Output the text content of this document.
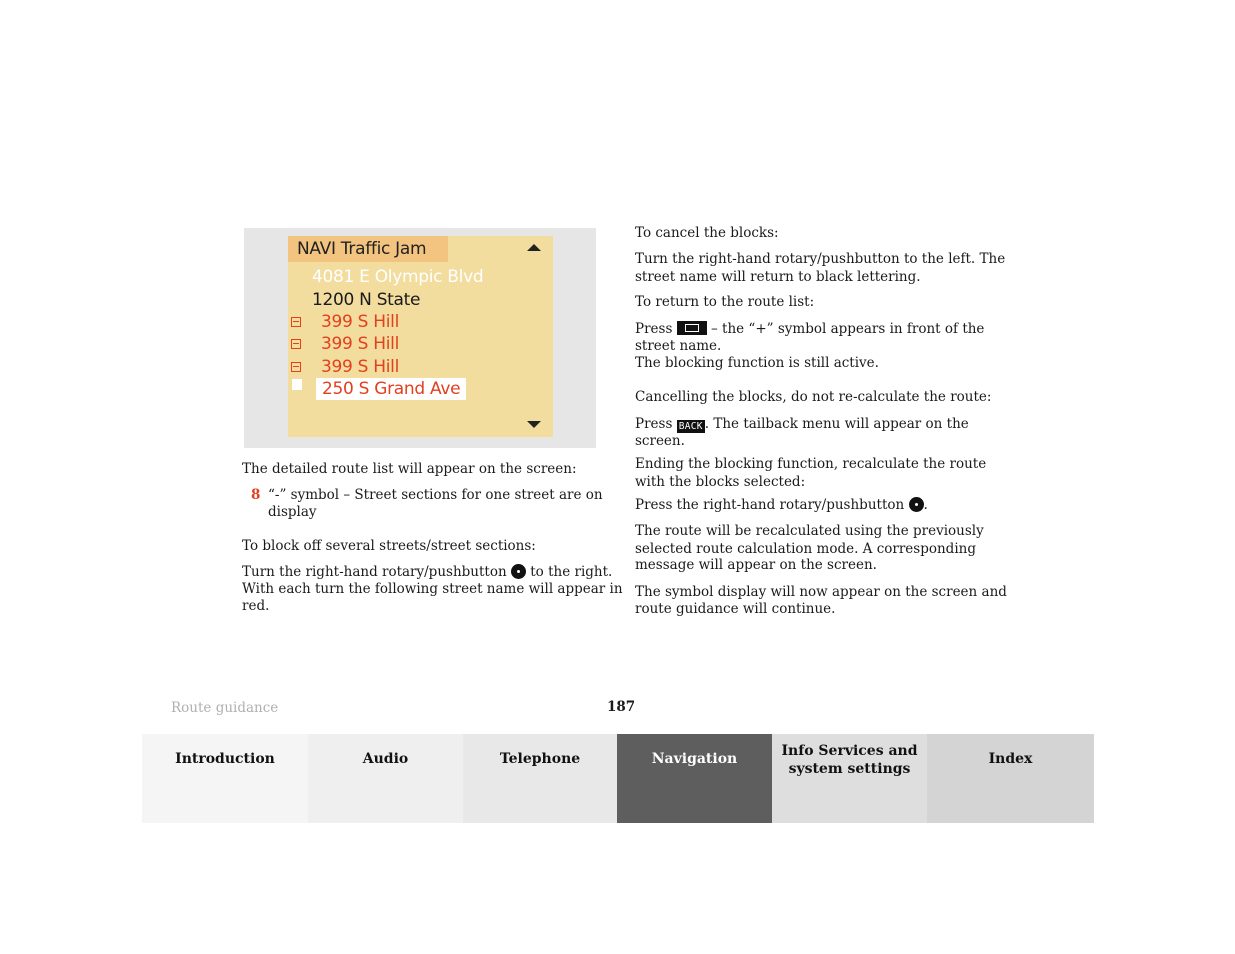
NAVI Traffic Jam
4081 E Olympic Blvd
1200 N State
399 S Hill
399 S Hill
399 S Hill
250 S Grand Ave

The detailed route list will appear on the screen:

8 “-” symbol – Street sections for one street are on

display

To block off several streets/street sections:

Turn the right-hand rotary/pushbutton to the right.

With each turn the following street name will appear in

red.

To cancel the blocks:

Turn the right-hand rotary/pushbutton to the left. The

street name will return to black lettering.

To return to the route list:

Press	– the “+” symbol appears in front of the

street name.

The blocking function is still active.

Cancelling the blocks, do not re-calculate the route:

Press BACK . The tailback menu will appear on the

screen.

Ending the blocking function, recalculate the route

with the blocks selected:

Press the right-hand rotary/pushbutton .

The route will be recalculated using the previously

selected route calculation mode. A corresponding

message will appear on the screen.

The symbol display will now appear on the screen and

route guidance will continue.

Route guidance	187
Introduction	Audio	Telephone	Navigation	Info Services and
system settings
Index
